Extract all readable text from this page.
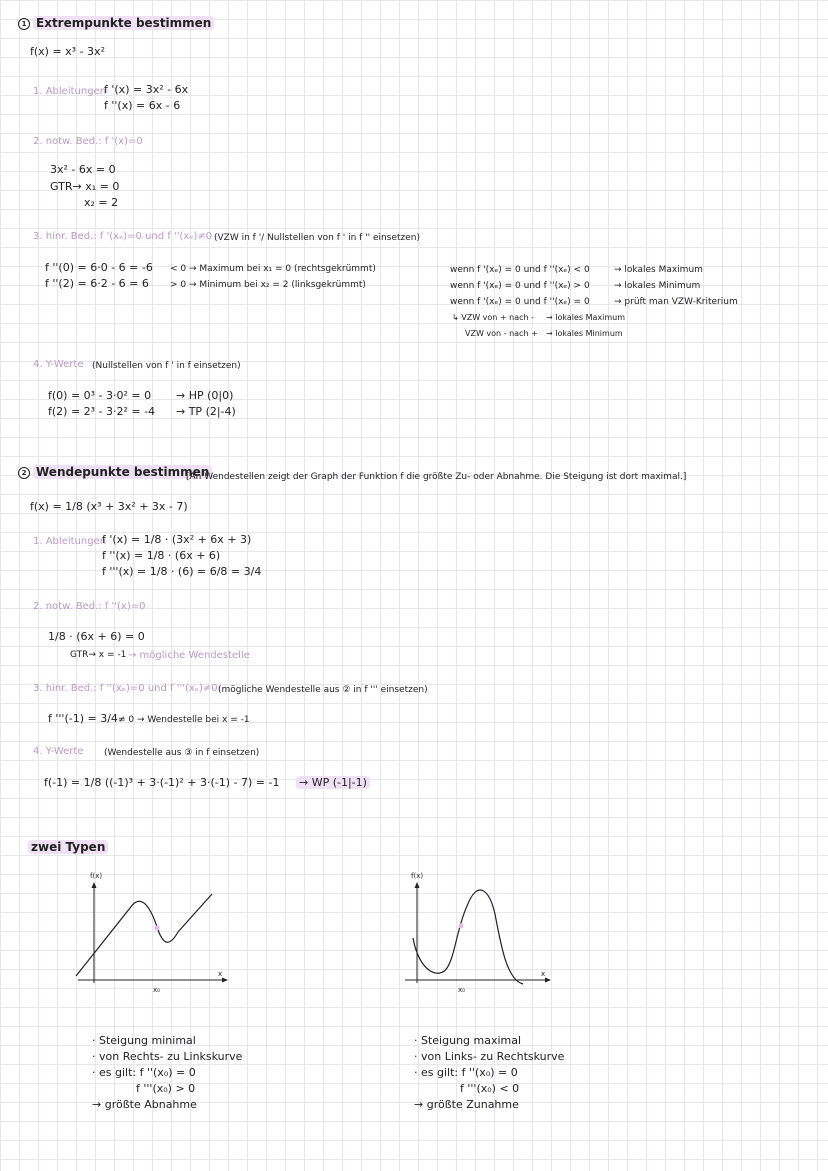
1 Extrempunkte bestimmen
f(x) = x³ - 3x²
1. Ableitungen
f '(x) = 3x² - 6x
f ''(x) = 6x - 6
2. notw. Bed.: f '(x)=0
3x² - 6x = 0
GTR→ x₁ = 0
x₂ = 2
3. hinr. Bed.: f '(xₑ)=0 und f ''(xₑ)≠0 (VZW in f '/ Nullstellen von f ' in f '' einsetzen)
f ''(0) = 6·0 - 6 = -6 < 0 → Maximum bei x₁ = 0 (rechtsgekrümmt)
f ''(2) = 6·2 - 6 = 6 > 0 → Minimum bei x₂ = 2 (linksgekrümmt)
wenn f '(xₑ) = 0 und f ''(xₑ) < 0	→ lokales Maximum
wenn f '(xₑ) = 0 und f ''(xₑ) > 0	→ lokales Minimum
wenn f '(xₑ) = 0 und f ''(xₑ) = 0	→ prüft man VZW-Kriterium
↳ VZW von + nach - → lokales Maximum
VZW von - nach + → lokales Minimum
4. Y-Werte (Nullstellen von f ' in f einsetzen)
f(0) = 0³ - 3·0² = 0 → HP (0|0)
f(2) = 2³ - 3·2² = -4 → TP (2|-4)
2 Wendepunkte bestimmen
[An Wendestellen zeigt der Graph der Funktion f die größte Zu- oder Abnahme. Die Steigung ist dort maximal.]
f(x) = 1/8 (x³ + 3x² + 3x - 7)
1. Ableitungen
f '(x) = 1/8 · (3x² + 6x + 3)
f ''(x) = 1/8 · (6x + 6)
f '''(x) = 1/8 · (6) = 6/8 = 3/4
2. notw. Bed.: f ''(x)=0
1/8 · (6x + 6) = 0
GTR→ x = -1 → mögliche Wendestelle
3. hinr. Bed.: f ''(xₑ)=0 und f '''(xₑ)≠0 (mögliche Wendestelle aus ② in f ''' einsetzen)
f '''(-1) = 3/4 ≠ 0 → Wendestelle bei x = -1
4. Y-Werte (Wendestelle aus ③ in f einsetzen)
f(-1) = 1/8 ((-1)³ + 3·(-1)² + 3·(-1) - 7) = -1 → WP (-1|-1)
zwei Typen
f(x)
x
x₀
f(x)
x
x₀
· Steigung minimal
· von Rechts- zu Linkskurve
· es gilt: f ''(x₀) = 0
f '''(x₀) > 0
→ größte Abnahme
· Steigung maximal
· von Links- zu Rechtskurve
· es gilt: f ''(x₀) = 0
f '''(x₀) < 0
→ größte Zunahme
